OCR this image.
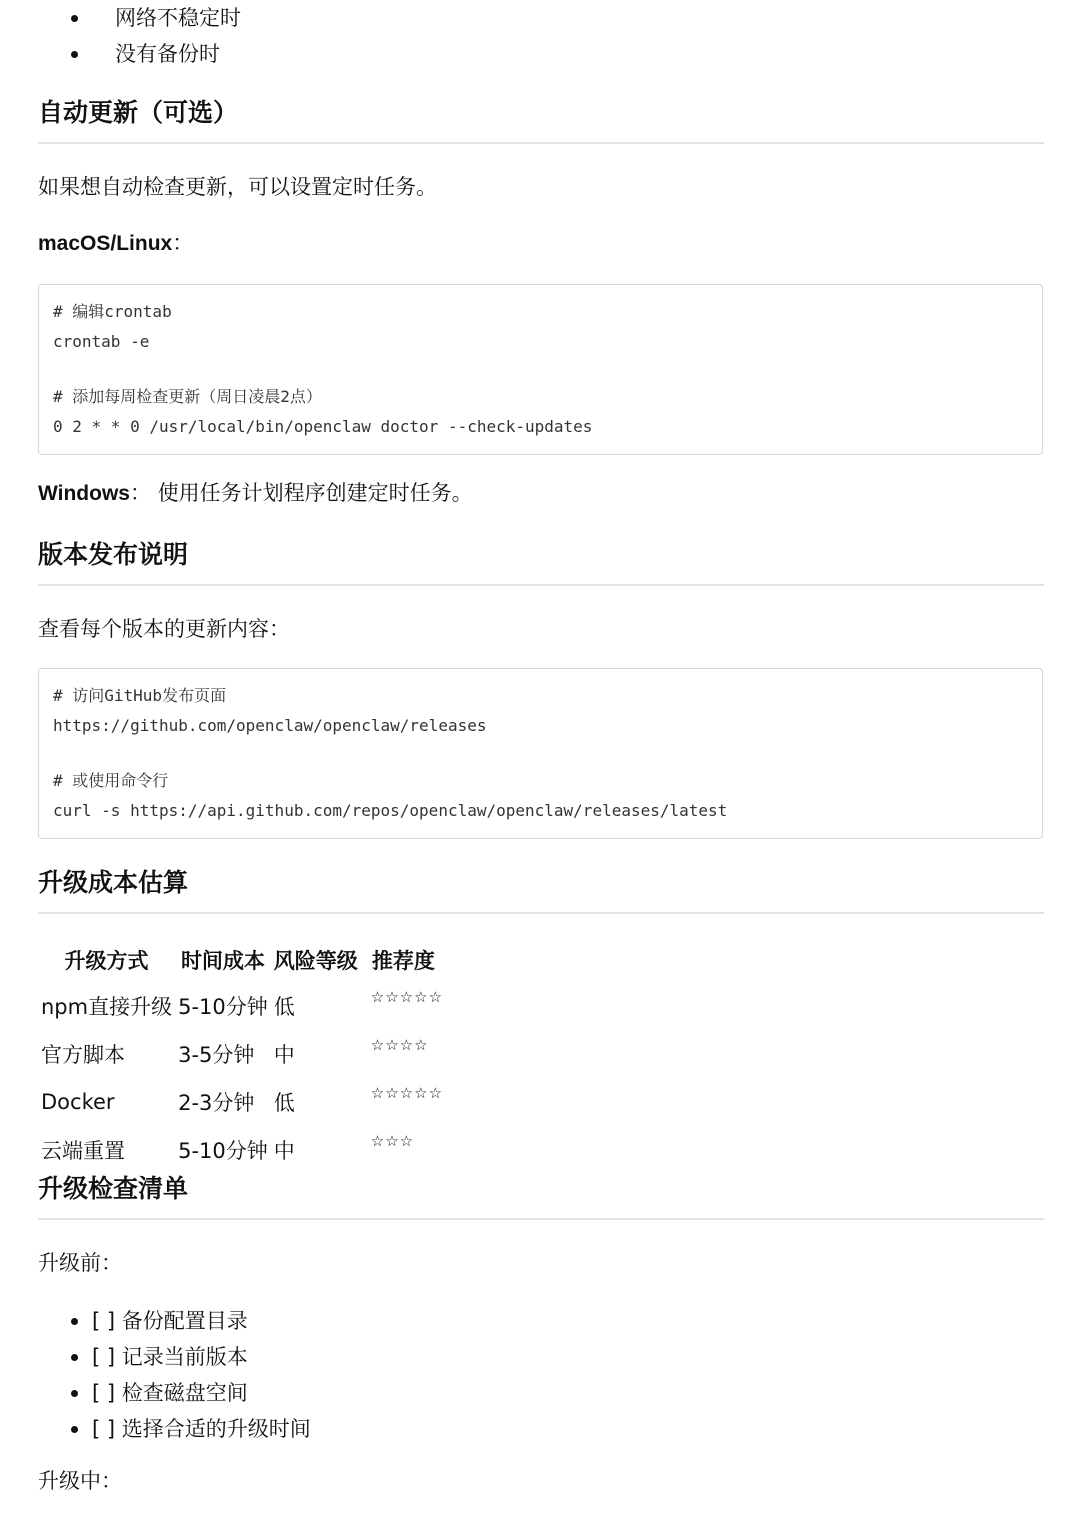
网络不稳定时
没有备份时
自动更新（可选）

如果想自动检查更新，可以设置定时任务。

macOS/Linux：

# 编辑crontab
crontab -e
# 添加每周检查更新（周日凌晨2点）
0 2 * * 0 /usr/local/bin/openclaw doctor --check-updates

Windows： 使用任务计划程序创建定时任务。

版本发布说明

查看每个版本的更新内容：

# 访问GitHub发布页面
https://github.com/openclaw/openclaw/releases
# 或使用命令行
curl -s https://api.github.com/repos/openclaw/openclaw/releases/latest
升级成本估算
升级方式	时间成本	风险等级	推荐度
npm直接升级	5-10分钟	低	☆☆☆☆☆
官方脚本	3-5分钟	中	☆☆☆☆
Docker	2-3分钟	低	☆☆☆☆☆
云端重置	5-10分钟	中	☆☆☆
升级检查清单

升级前：

[ ] 备份配置目录
[ ] 记录当前版本
[ ] 检查磁盘空间
[ ] 选择合适的升级时间

升级中：
